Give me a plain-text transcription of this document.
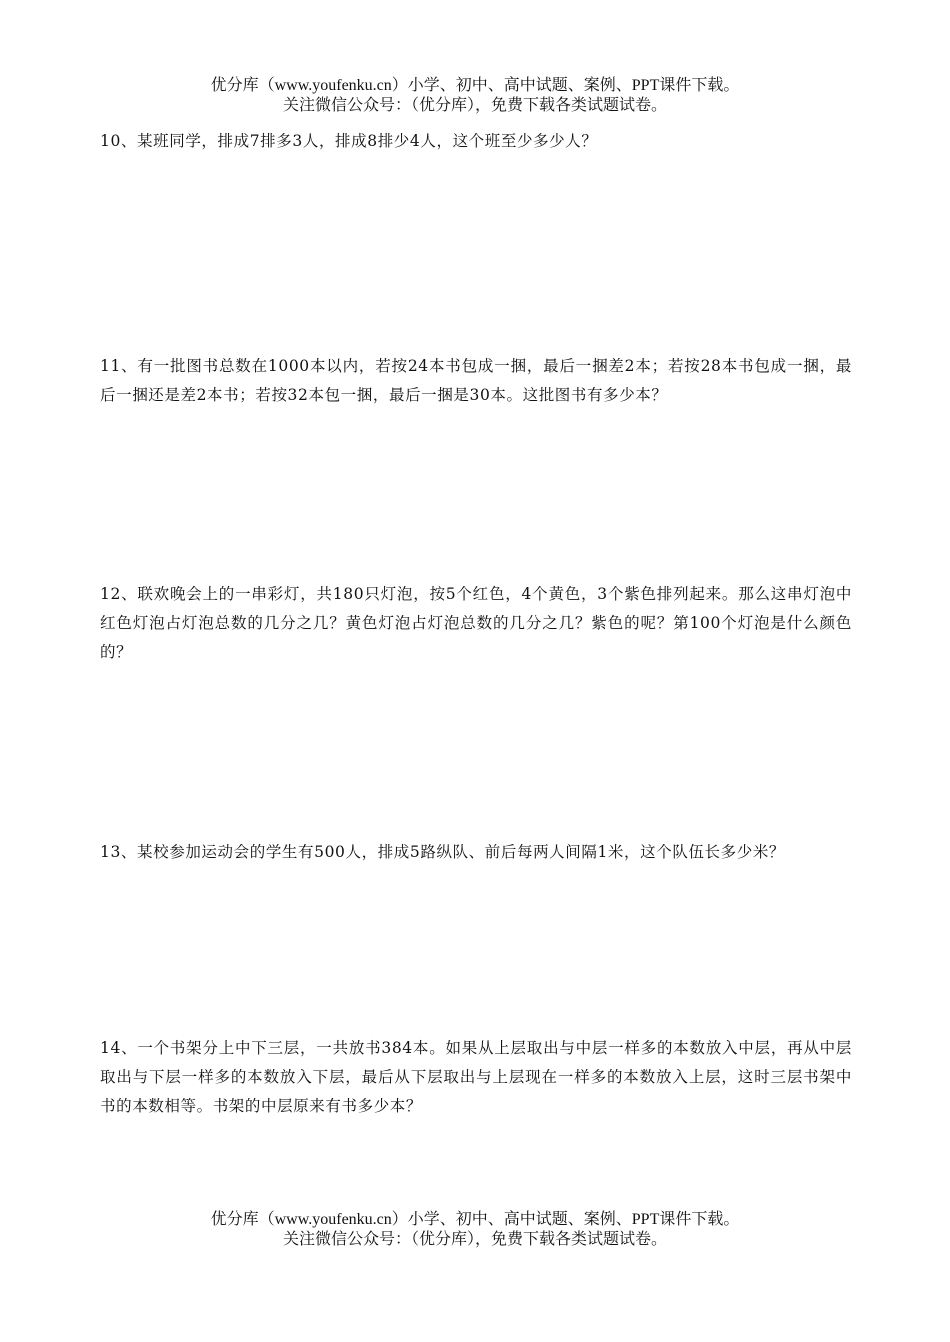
优分库（www.youfenku.cn）小学、初中、高中试题、案例、PPT课件下载。
关注微信公众号：（优分库），免费下载各类试题试卷。
10、某班同学，排成7排多3人，排成8排少4人，这个班至少多少人？
11、有一批图书总数在1000本以内，若按24本书包成一捆，最后一捆差2本；若按28本书包成一捆，最后一捆还是差2本书；若按32本包一捆，最后一捆是30本。这批图书有多少本？
12、联欢晚会上的一串彩灯，共180只灯泡，按5个红色，4个黄色，3个紫色排列起来。那么这串灯泡中红色灯泡占灯泡总数的几分之几？黄色灯泡占灯泡总数的几分之几？紫色的呢？第100个灯泡是什么颜色的？
13、某校参加运动会的学生有500人，排成5路纵队、前后每两人间隔1米，这个队伍长多少米？
14、一个书架分上中下三层，一共放书384本。如果从上层取出与中层一样多的本数放入中层，再从中层取出与下层一样多的本数放入下层，最后从下层取出与上层现在一样多的本数放入上层，这时三层书架中书的本数相等。书架的中层原来有书多少本？
优分库（www.youfenku.cn）小学、初中、高中试题、案例、PPT课件下载。
关注微信公众号：（优分库），免费下载各类试题试卷。
